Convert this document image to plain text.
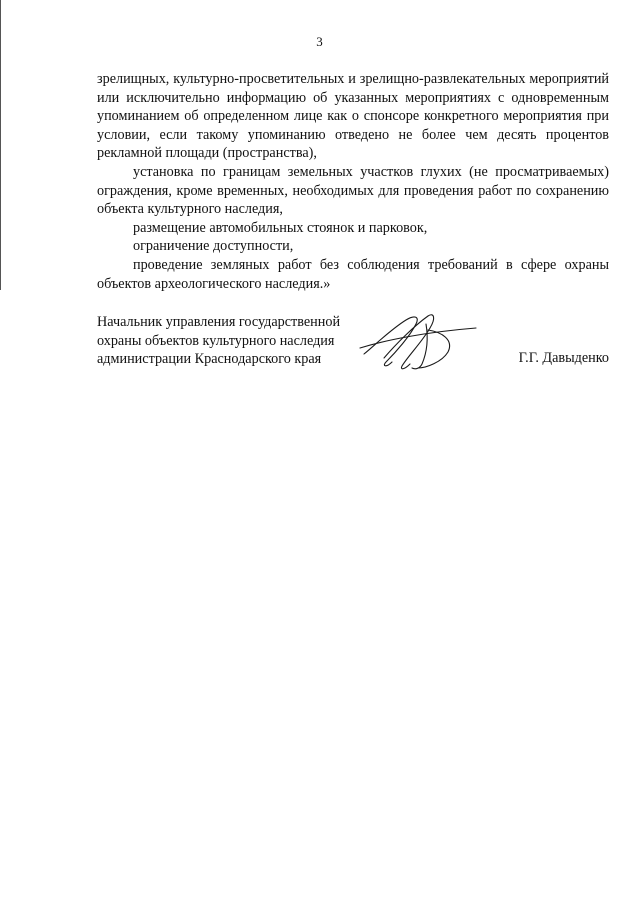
3

зрелищных, культурно-просветительных и зрелищно-развлекательных мероприятий или исключительно информацию об указанных мероприятиях с одновременным упоминанием об определенном лице как о спонсоре конкретного мероприятия при условии, если такому упоминанию отведено не более чем десять процентов рекламной площади (пространства),

установка по границам земельных участков глухих (не просматриваемых) ограждения, кроме временных, необходимых для проведения работ по сохранению объекта культурного наследия,

размещение автомобильных стоянок и парковок,

ограничение доступности,

проведение земляных работ без соблюдения требований в сфере охраны объектов археологического наследия.»

Начальник управления государственной
охраны объектов культурного наследия
администрации Краснодарского края	Г.Г. Давыденко
